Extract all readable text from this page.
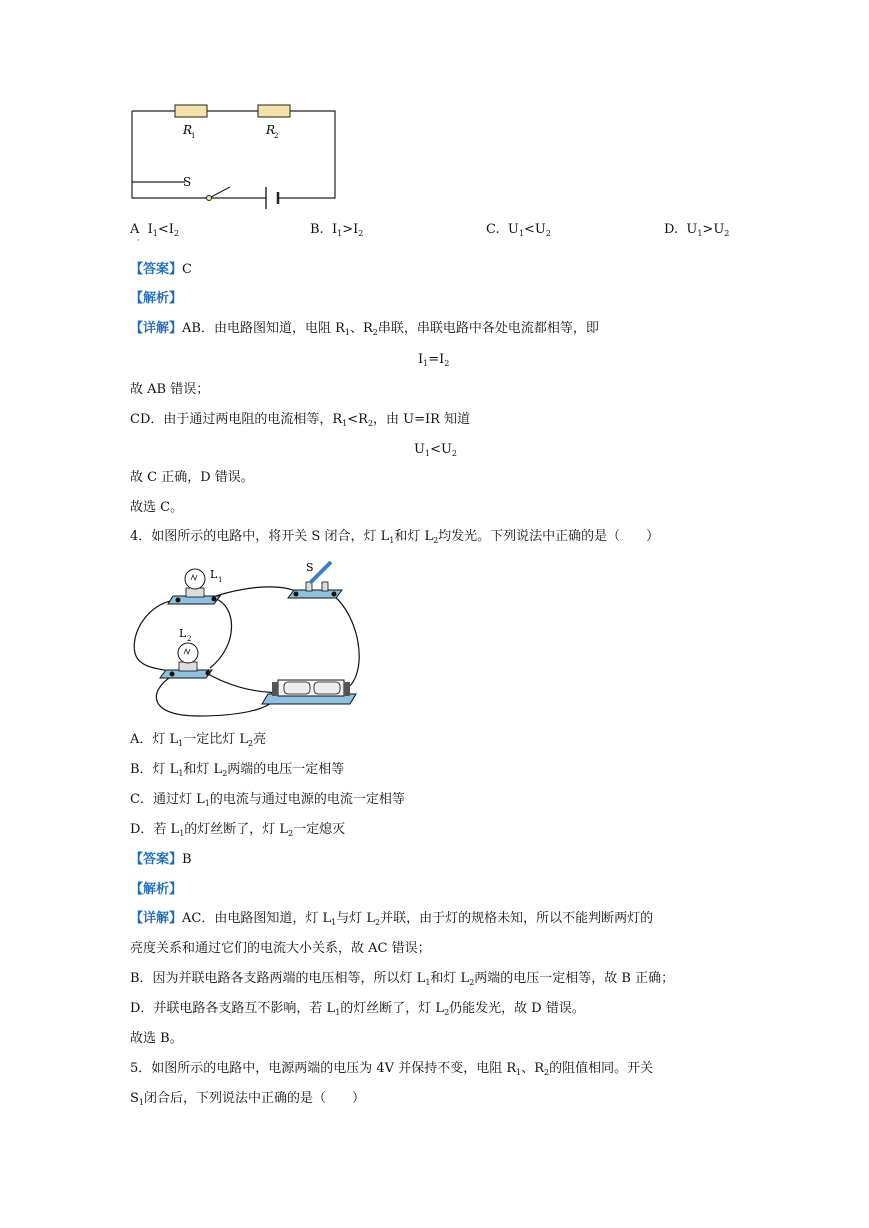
R
1	R
2
S
A $I_1<I_2$
·
B. $I_1>I_2$	C. $U_1<U_2$	D. $U_1>U_2$
【答案】C
【解析】
【详解】AB．由电路图知道，电阻 $R_1$、$R_2$串联，串联电路中各处电流都相等，即
$I_1=I_2$
故 AB 错误；
CD．由于通过两电阻的电流相等，$R_1<R_2$，由 U=IR 知道
$U_1<U_2$
故 C 正确，D 错误。
故选 C。
4．如图所示的电路中，将开关 S 闭合，灯 $L_1$和灯 $L_2$均发光。下列说法中正确的是（　　）
L 1
L 2
S
A．灯 $L_1$一定比灯 $L_2$亮
B．灯 $L_1$和灯 $L_2$两端的电压一定相等
C．通过灯 $L_1$的电流与通过电源的电流一定相等
D．若 $L_1$的灯丝断了，灯 $L_2$一定熄灭
【答案】B
【解析】
【详解】AC．由电路图知道，灯 $L_1$与灯 $L_2$并联，由于灯的规格未知，所以不能判断两灯的
亮度关系和通过它们的电流大小关系，故 AC 错误；
B．因为并联电路各支路两端的电压相等，所以灯 $L_1$和灯 $L_2$两端的电压一定相等，故 B 正确；
D．并联电路各支路互不影响，若 $L_1$的灯丝断了，灯 $L_2$仍能发光，故 D 错误。
故选 B。
5．如图所示的电路中，电源两端的电压为 4V 并保持不变，电阻 $R_1$、$R_2$的阻值相同。开关
$S_1$闭合后，下列说法中正确的是（　　）
